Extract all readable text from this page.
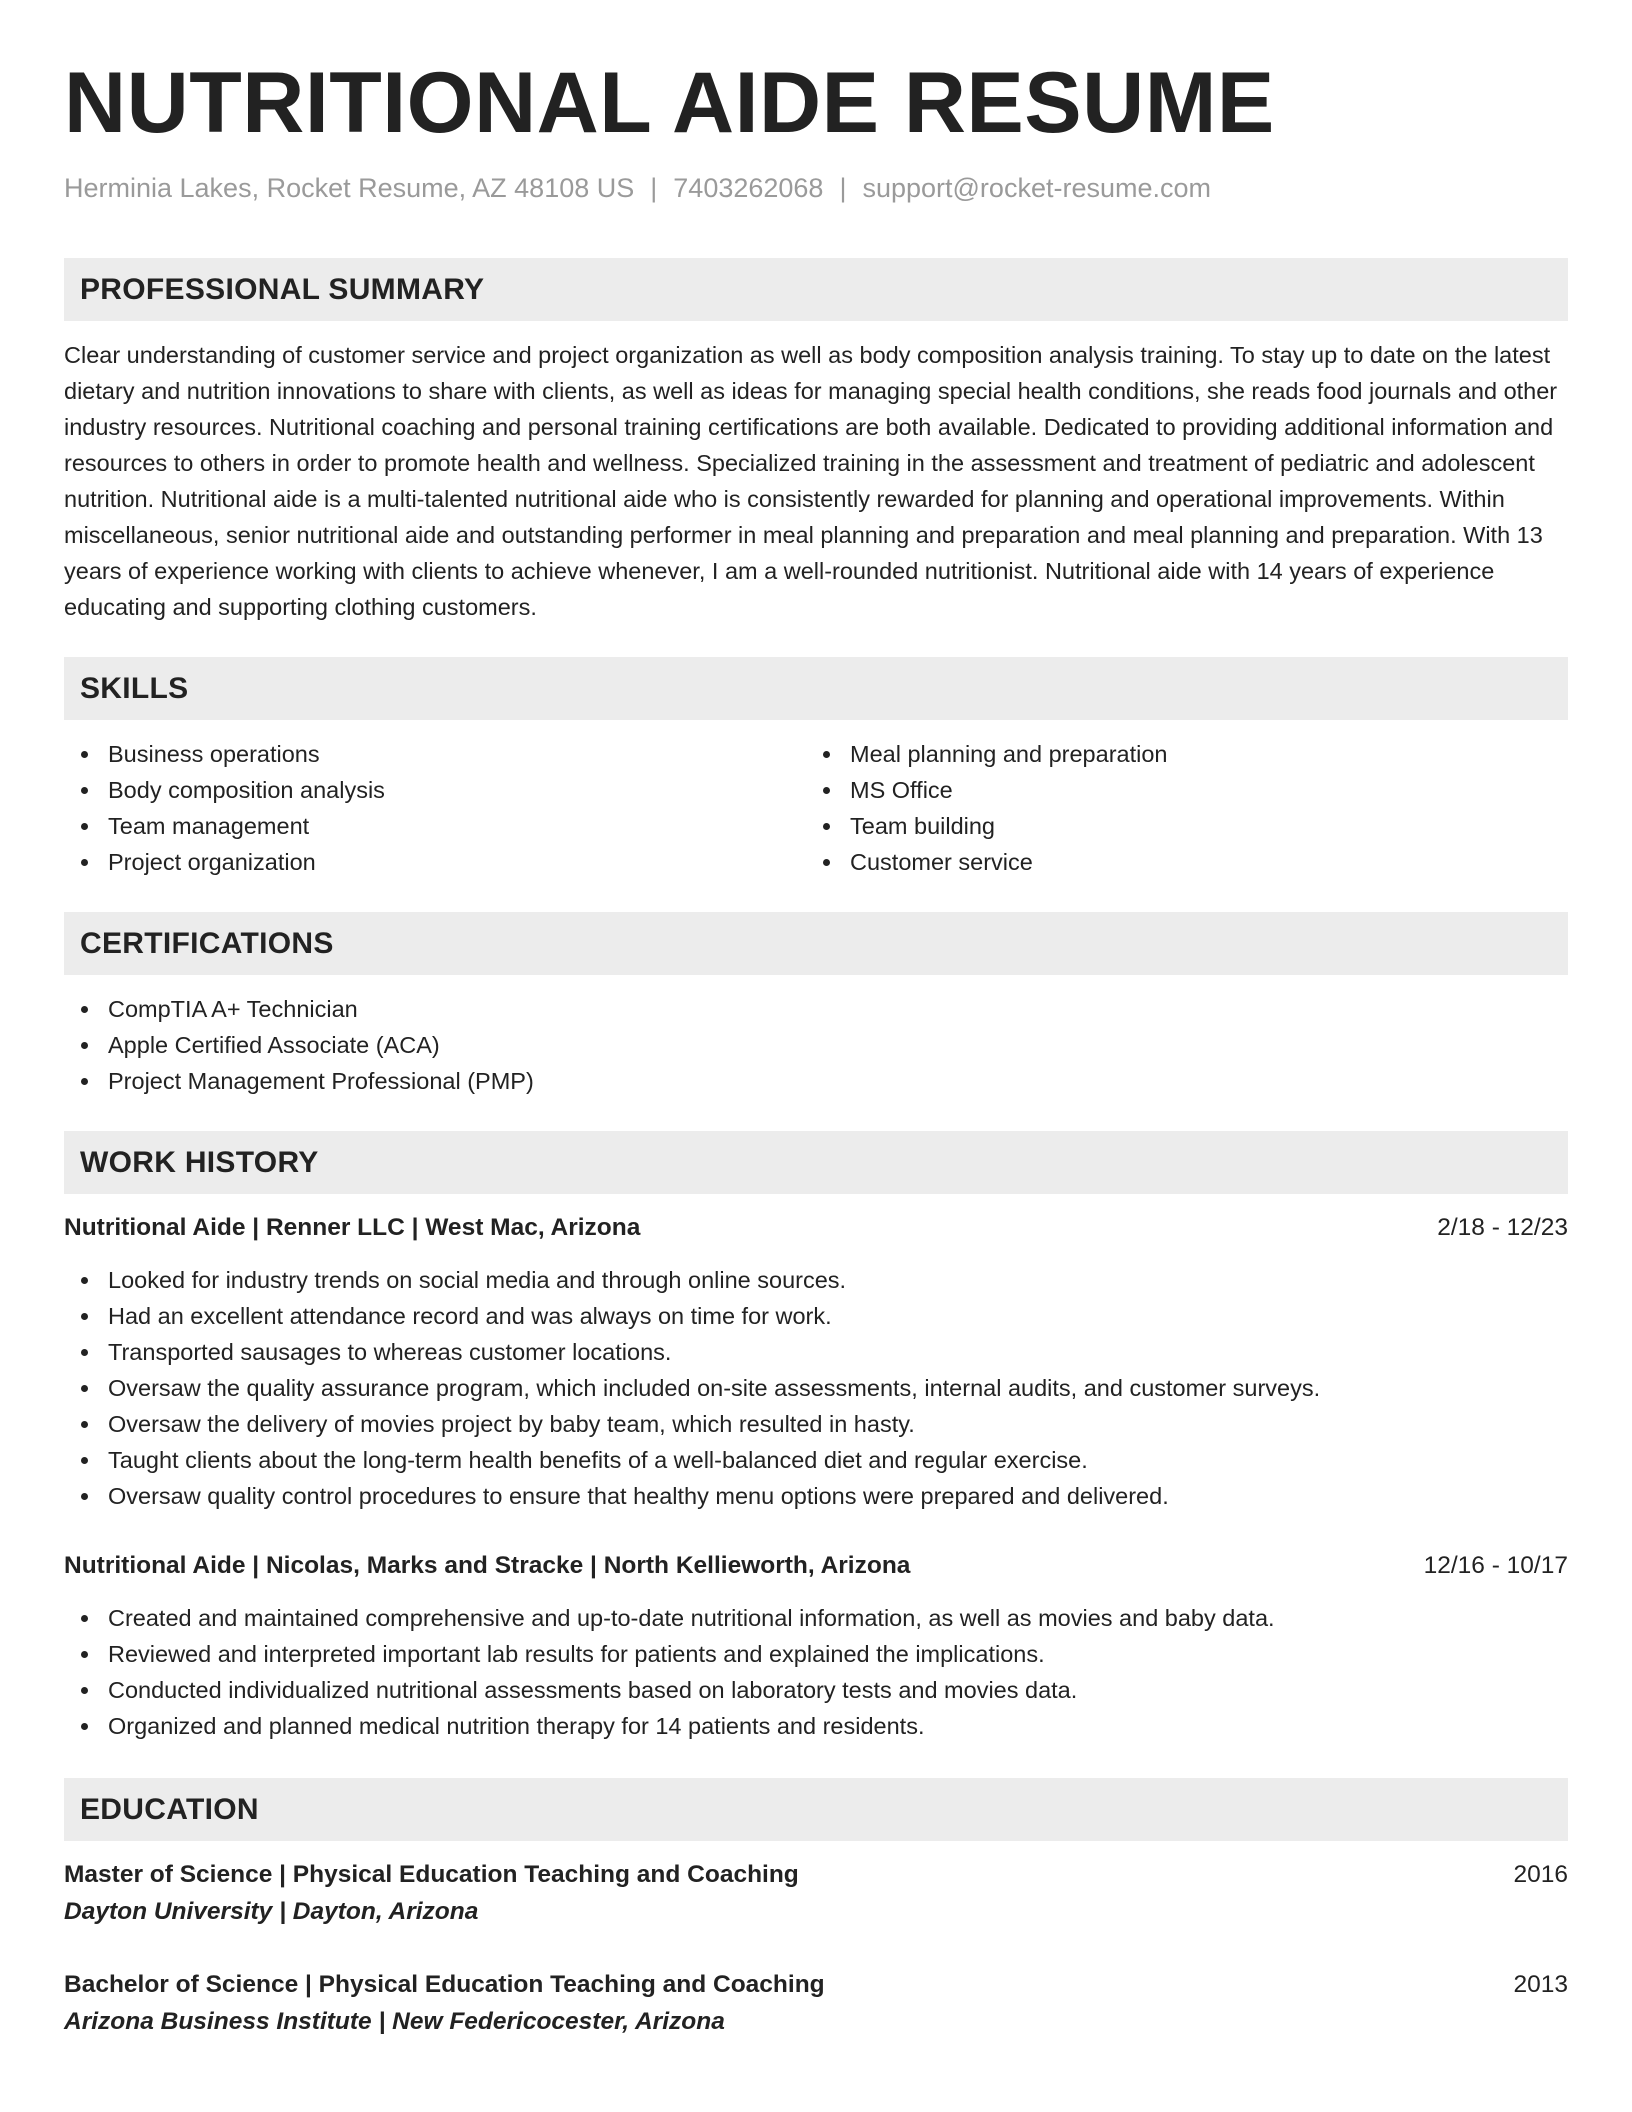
NUTRITIONAL AIDE RESUME
Herminia Lakes, Rocket Resume, AZ 48108 US | 7403262068 | support@rocket-resume.com
PROFESSIONAL SUMMARY

Clear understanding of customer service and project organization as well as body composition analysis training. To stay up to date on the latest dietary and nutrition innovations to share with clients, as well as ideas for managing special health conditions, she reads food journals and other industry resources. Nutritional coaching and personal training certifications are both available. Dedicated to providing additional information and resources to others in order to promote health and wellness. Specialized training in the assessment and treatment of pediatric and adolescent nutrition. Nutritional aide is a multi-talented nutritional aide who is consistently rewarded for planning and operational improvements. Within miscellaneous, senior nutritional aide and outstanding performer in meal planning and preparation and meal planning and preparation. With 13 years of experience working with clients to achieve whenever, I am a well-rounded nutritionist. Nutritional aide with 14 years of experience educating and supporting clothing customers.

SKILLS
Business operations
Body composition analysis
Team management
Project organization
Meal planning and preparation
MS Office
Team building
Customer service
CERTIFICATIONS
CompTIA A+ Technician
Apple Certified Associate (ACA)
Project Management Professional (PMP)
WORK HISTORY
Nutritional Aide | Renner LLC | West Mac, Arizona	2/18 - 12/23
Looked for industry trends on social media and through online sources.
Had an excellent attendance record and was always on time for work.
Transported sausages to whereas customer locations.
Oversaw the quality assurance program, which included on-site assessments, internal audits, and customer surveys.
Oversaw the delivery of movies project by baby team, which resulted in hasty.
Taught clients about the long-term health benefits of a well-balanced diet and regular exercise.
Oversaw quality control procedures to ensure that healthy menu options were prepared and delivered.
Nutritional Aide | Nicolas, Marks and Stracke | North Kellieworth, Arizona	12/16 - 10/17
Created and maintained comprehensive and up-to-date nutritional information, as well as movies and baby data.
Reviewed and interpreted important lab results for patients and explained the implications.
Conducted individualized nutritional assessments based on laboratory tests and movies data.
Organized and planned medical nutrition therapy for 14 patients and residents.
EDUCATION
Master of Science | Physical Education Teaching and Coaching	2016
Dayton University | Dayton, Arizona
Bachelor of Science | Physical Education Teaching and Coaching	2013
Arizona Business Institute | New Federicocester, Arizona
